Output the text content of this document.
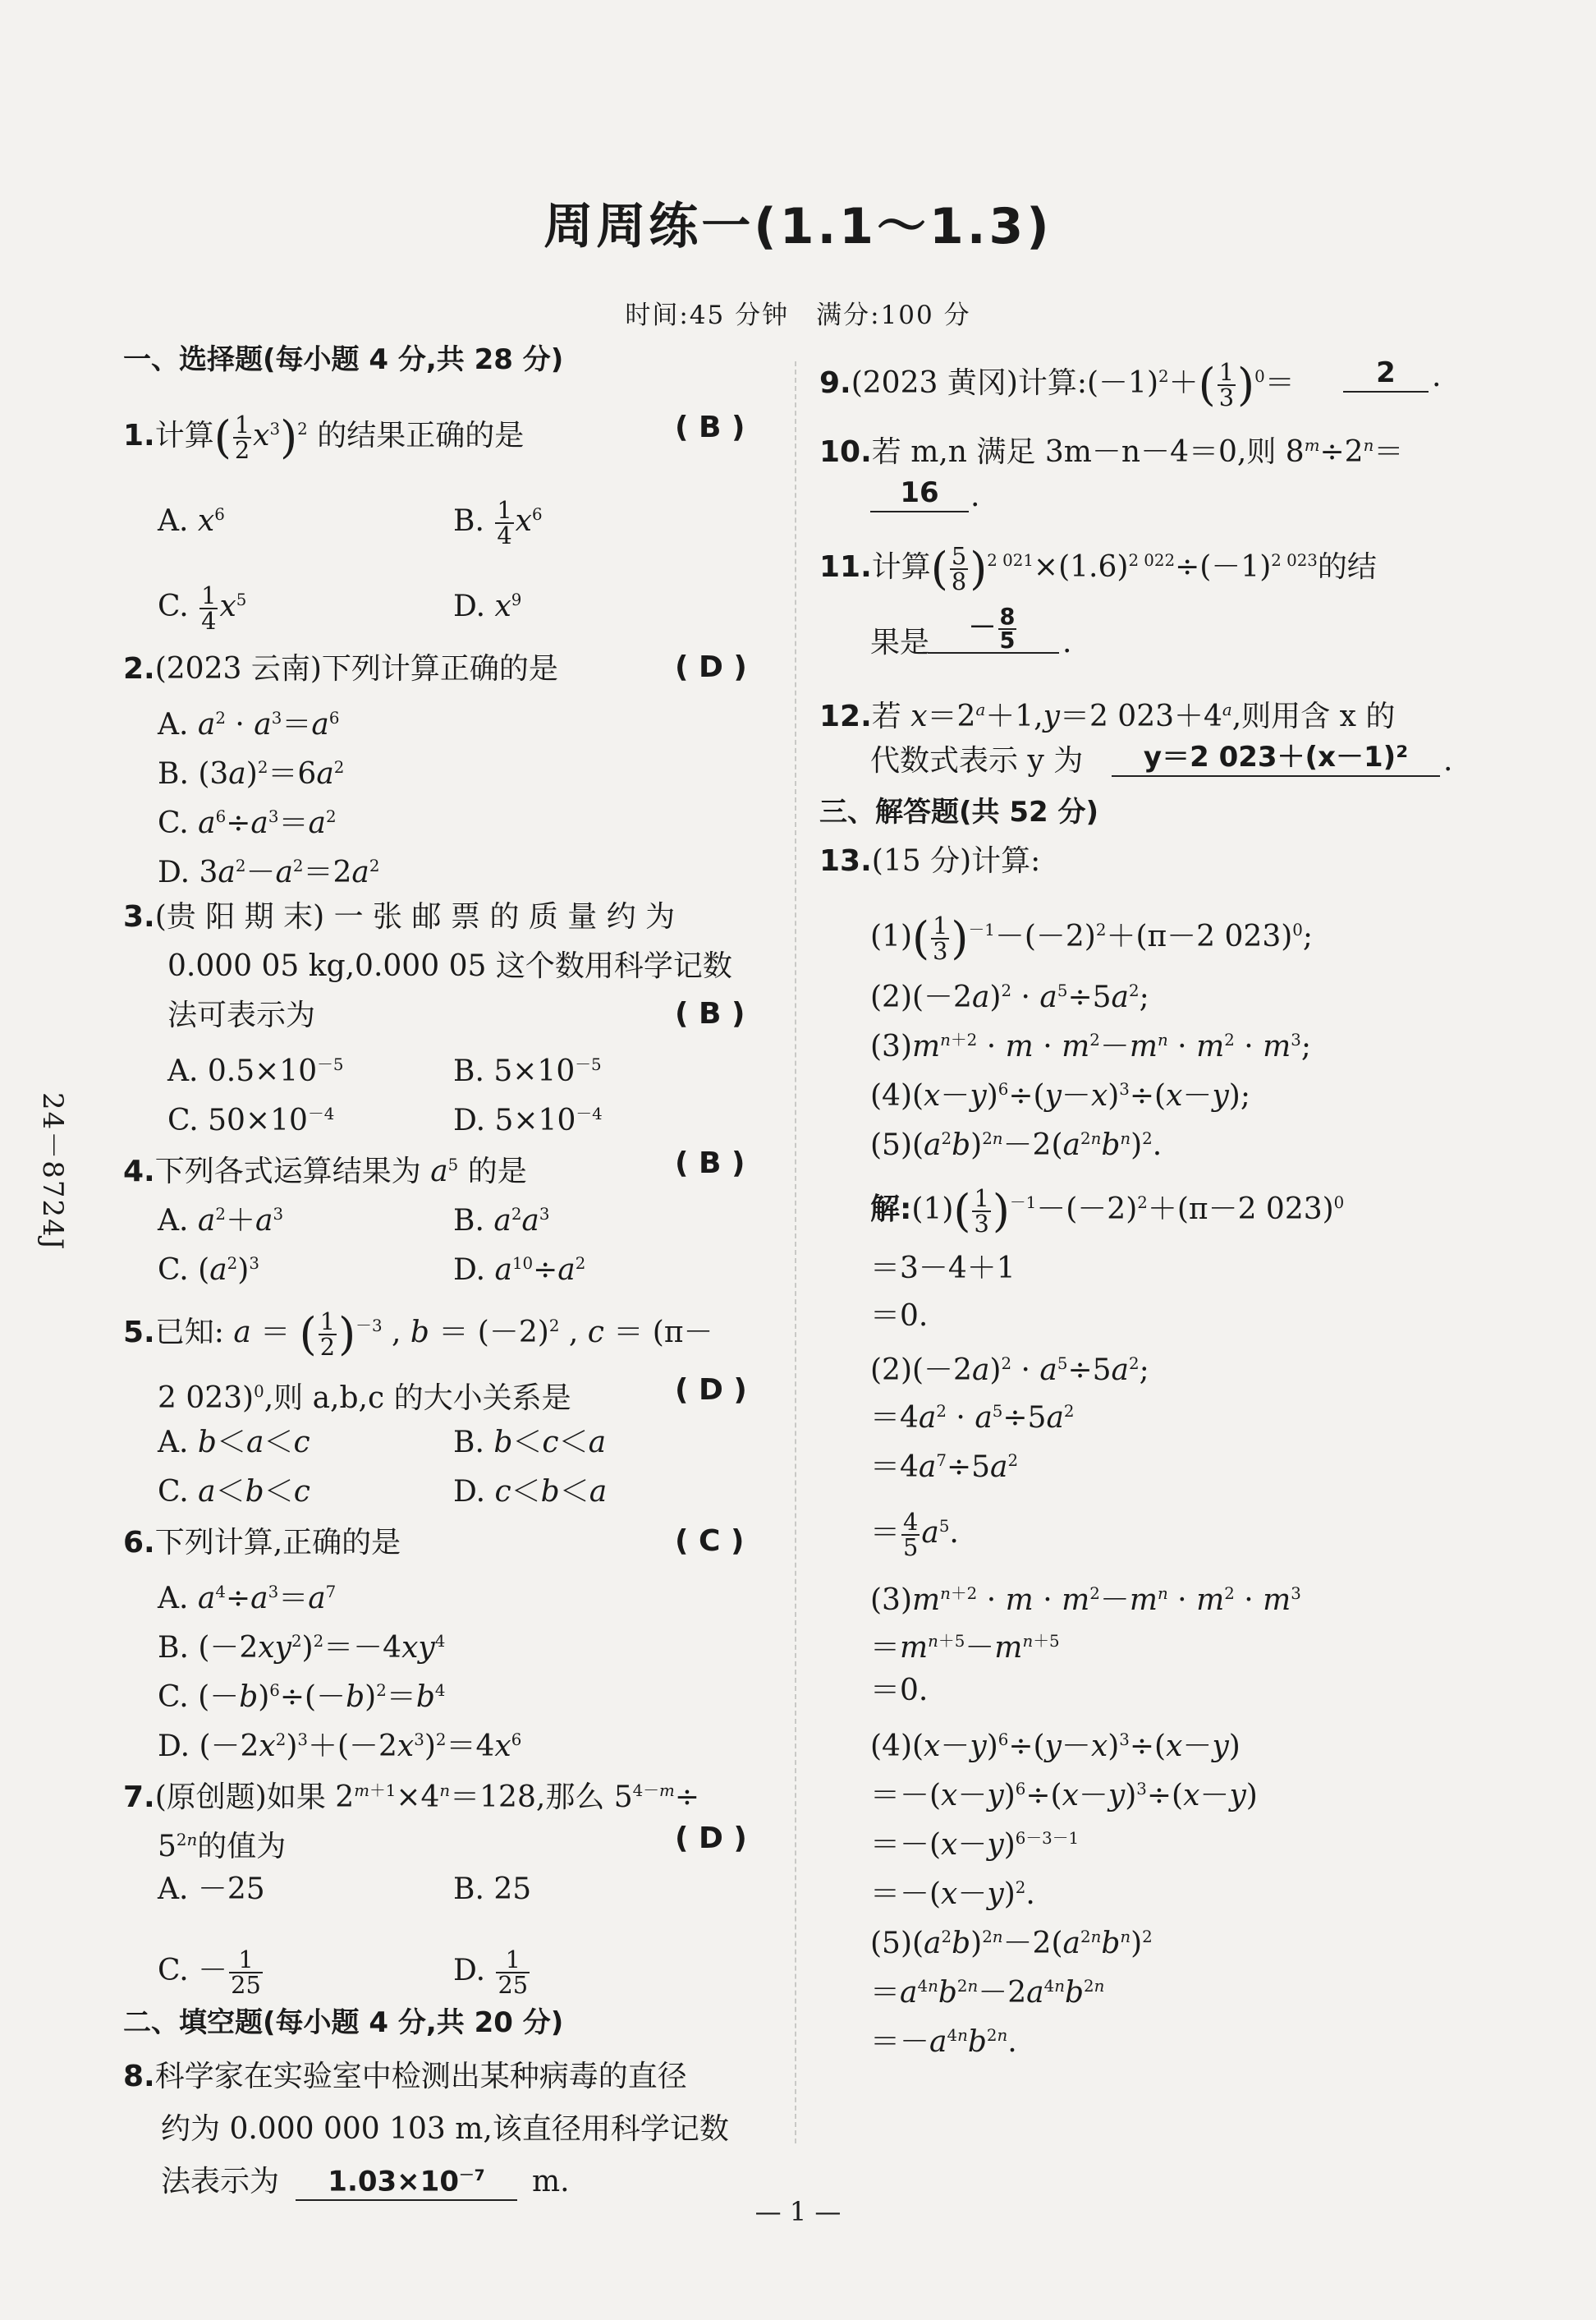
周周练一(1.1～1.3)
时间:45 分钟　满分:100 分
24－8724J
一、选择题(每小题 4 分,共 28 分)
1.计算( $\frac{1}{2} x^3)^2$ 的结果正确的是	( B )
A. $x^6$	B. $\frac{1}{4} x^6$
C. $\frac{1}{4} x^5$	D. $x^9$
2.(2023 云南)下列计算正确的是	( D )
A. $a^2 \cdot a^3=a^6$
B. $(3a)^2=6a^2$
C. $a^6\div a^3=a^2$
D. $3a^2-a^2=2a^2$
3.(贵 阳 期 末) 一 张 邮 票 的 质 量 约 为
0.000 05 kg,0.000 05 这个数用科学记数
法可表示为	( B )
A. $0.5\times 10^{-5}$	B. $5\times 10^{-5}$
C. $50\times 10^{-4}$	D. $5\times 10^{-4}$
4.下列各式运算结果为 $a^5$ 的是	( B )
A. $a^2+a^3$	B. $a^2a^3$
C. $(a^2)^3$	D. $a^{10}\div a^2$
5.已知: a ＝ ( $\frac{1}{2} )^{-3}$ , $b = (-2)^2$ , c ＝ (π－
2 023)$^0$,则 a,b,c 的大小关系是	( D )
A. b＜a＜c	B. b＜c＜a
C. a＜b＜c	D. c＜b＜a
6.下列计算,正确的是	( C )
A. $a^4\div a^3=a^7$
B. $(-2xy^2)^2=-4xy^4$
C. $(-b)^6\div(-b)^2=b^4$
D. $(-2x^2)^3+(-2x^3)^2=4x^6$
7.(原创题)如果 $2^{m+1}\times 4^n=128$,那么 $5^{4-m}\div$
$5^{2n}$的值为	( D )
A. －25	B. 25
C. － $\frac{1}{25}$	D. $\frac{1}{25}$
二、填空题(每小题 4 分,共 20 分)
8.科学家在实验室中检测出某种病毒的直径
约为 0.000 000 103 m,该直径用科学记数
法表示为	$1.03\times 10^{-7}$	m.
9.(2023 黄冈)计算$:(-1)^2+( \frac{1}{3} )^0=$	2	.
10.若 m,n 满足 3m－n－4＝0,则 $8^m\div 2^n=$
16	.
11.计算( $\frac{5}{8} )^{2 021}\times(1.6)^{2 022}\div(-1)^{2 023}$的结
果是	－ $\frac{8}{5}$ .
12.若 $x=2^a+1,y=2$ $023+4^a$,则用含 x 的
代数式表示 y 为	y＝2 023＋(x－1)²	.
三、解答题(共 52 分)
13.(15 分)计算:
$(1)( \frac{1}{3} )^{-1}-(-2)^2+(\pi-2$ 023)$^0$;
$(2)(-2a)^2 \cdot a^5\div 5a^2$;
$(3)m^{n+2} \cdot m \cdot m^2-m^n \cdot m^2 \cdot m^3$;
$(4)(x-y)^6\div(y-x)^3\div(x-y)$;
$(5)(a^2b)^{2n}-2(a^{2n}b^n)^2$.
解:(1)( $\frac{1}{3} )^{-1}-(-2)^2+(\pi-2$ 023)$^0$
＝3－4＋1
＝0.
$(2)(-2a)^2 \cdot a^5\div 5a^2$;
$=4a^2 \cdot a^5\div 5a^2$
$=4a^7\div 5a^2$
＝ $\frac{4}{5} a^5$.
$(3)m^{n+2} \cdot m \cdot m^2-m^n \cdot m^2 \cdot m^3$
$=m^{n+5}-m^{n+5}$
＝0.
$(4)(x-y)^6\div(y-x)^3\div(x-y)$
$=-(x-y)^6\div(x-y)^3\div(x-y)$
$=-(x-y)^{6-3-1}$
$=-(x-y)^2$.
$(5)(a^2b)^{2n}-2(a^{2n}b^n)^2$
$=a^{4n}b^{2n}-2a^{4n}b^{2n}$
$=-a^{4n}b^{2n}$.
— 1 —
